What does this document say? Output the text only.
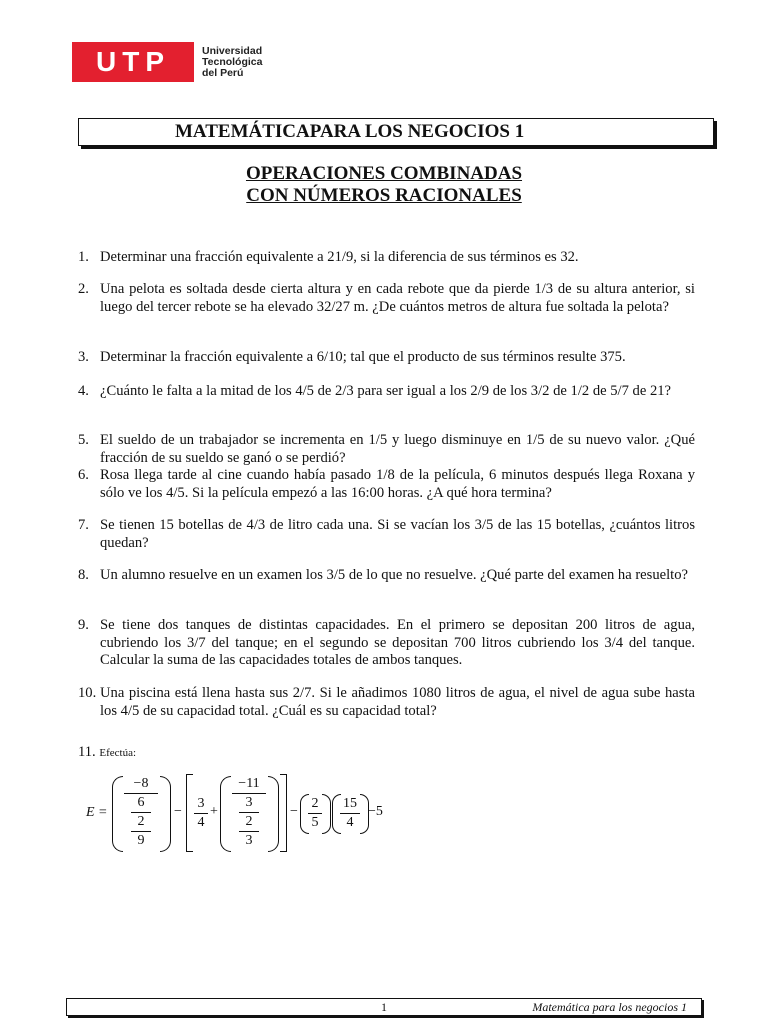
UTP	Universidad
Tecnológica
del Perú
MATEMÁTICAPARA LOS NEGOCIOS 1
OPERACIONES COMBINADAS
CON NÚMEROS RACIONALES
1. Determinar una fracción equivalente a 21/9, si la diferencia de sus términos es 32.
2. Una pelota es soltada desde cierta altura y en cada rebote que da pierde 1/3 de su altura anterior, si luego del tercer rebote se ha elevado 32/27 m. ¿De cuántos metros de altura fue soltada la pelota?
3. Determinar la fracción equivalente a 6/10; tal que el producto de sus términos resulte 375.
4. ¿Cuánto le falta a la mitad de los 4/5 de 2/3 para ser igual a los 2/9 de los 3/2 de 1/2 de 5/7 de 21?
5. El sueldo de un trabajador se incrementa en 1/5 y luego disminuye en 1/5 de su nuevo valor. ¿Qué fracción de su sueldo se ganó o se perdió?
6. Rosa llega tarde al cine cuando había pasado 1/8 de la película, 6 minutos después llega Roxana y sólo ve los 4/5. Si la película empezó a las 16:00 horas. ¿A qué hora termina?
7. Se tienen 15 botellas de 4/3 de litro cada una. Si se vacían los 3/5 de las 15 botellas, ¿cuántos litros quedan?
8. Un alumno resuelve en un examen los 3/5 de lo que no resuelve. ¿Qué parte del examen ha resuelto?
9. Se tiene dos tanques de distintas capacidades. En el primero se depositan 200 litros de agua, cubriendo los 3/7 del tanque; en el segundo se depositan 700 litros cubriendo los 3/4 del tanque. Calcular la suma de las capacidades totales de ambos tanques.
10. Una piscina está llena hasta sus 2/7. Si le añadimos 1080 litros de agua, el nivel de agua sube hasta los 4/5 de su capacidad total. ¿Cuál es su capacidad total?
11. Efectúa:
E =
−8
6
2
9
−
3
4
+
−11
3
2
3
−
2
5
15
4
−5
1	Matemática para los negocios 1
